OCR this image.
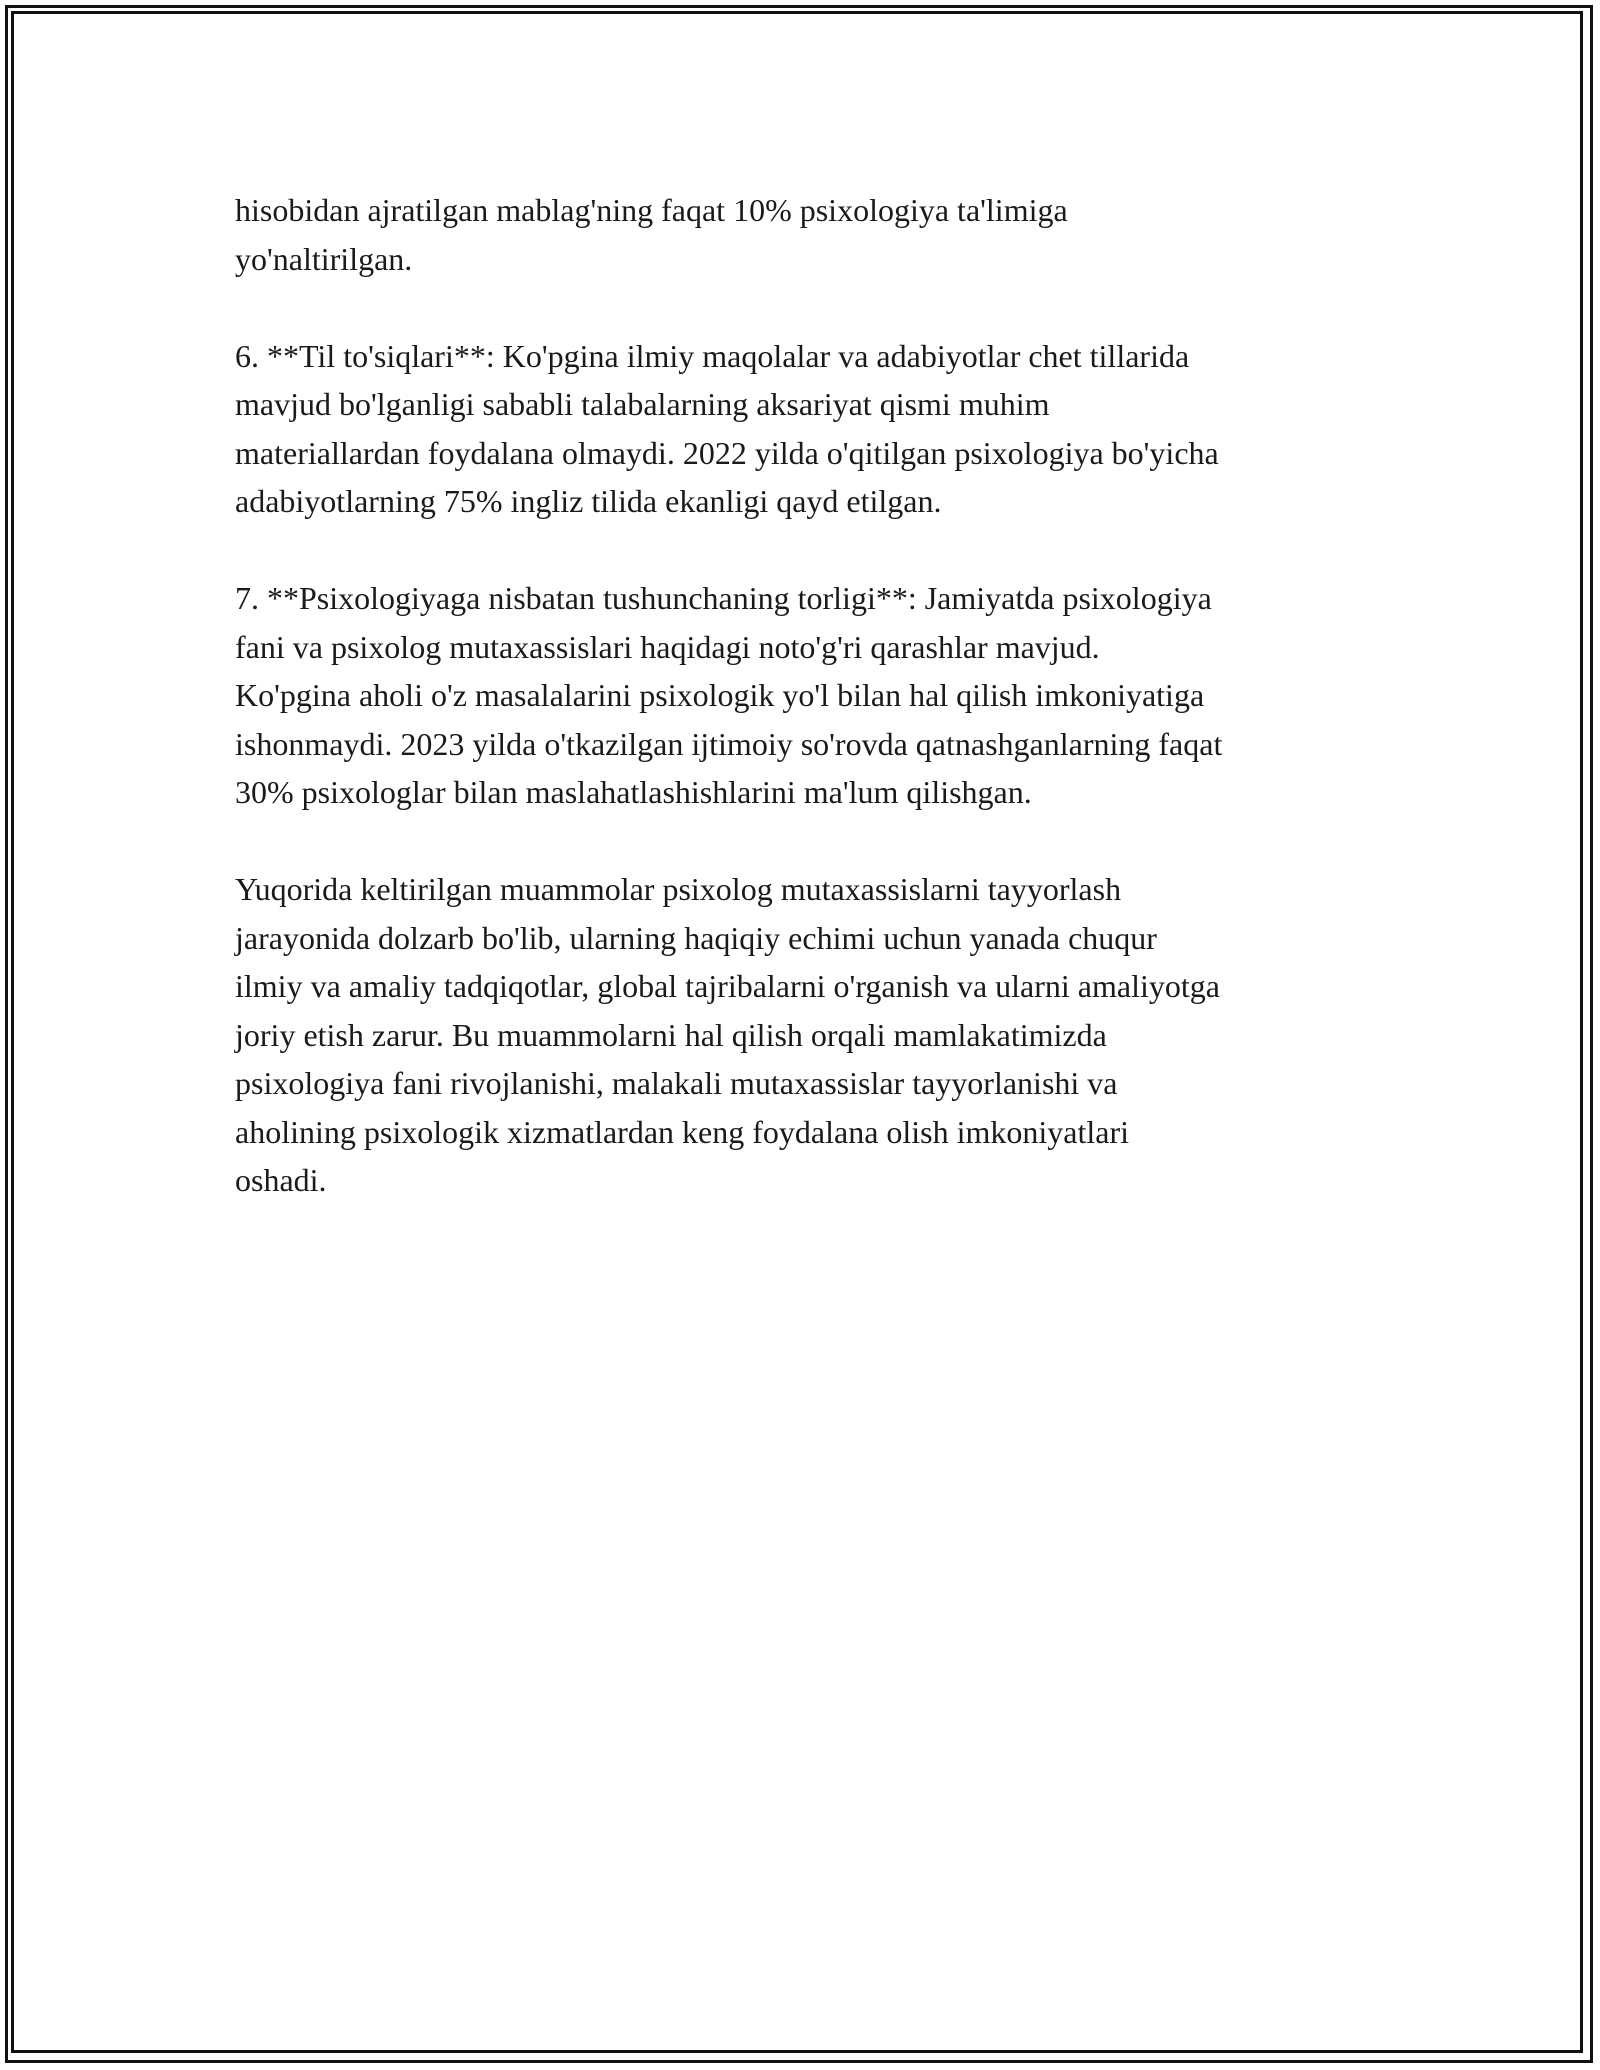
hisobidan ajratilgan mablag'ning faqat 10% psixologiya ta'limiga
yo'naltirilgan.

6. **Til to'siqlari**: Ko'pgina ilmiy maqolalar va adabiyotlar chet tillarida
mavjud bo'lganligi sababli talabalarning aksariyat qismi muhim
materiallardan foydalana olmaydi. 2022 yilda o'qitilgan psixologiya bo'yicha
adabiyotlarning 75% ingliz tilida ekanligi qayd etilgan.

7. **Psixologiyaga nisbatan tushunchaning torligi**: Jamiyatda psixologiya
fani va psixolog mutaxassislari haqidagi noto'g'ri qarashlar mavjud.
Ko'pgina aholi o'z masalalarini psixologik yo'l bilan hal qilish imkoniyatiga
ishonmaydi. 2023 yilda o'tkazilgan ijtimoiy so'rovda qatnashganlarning faqat
30% psixologlar bilan maslahatlashishlarini ma'lum qilishgan.

Yuqorida keltirilgan muammolar psixolog mutaxassislarni tayyorlash
jarayonida dolzarb bo'lib, ularning haqiqiy echimi uchun yanada chuqur
ilmiy va amaliy tadqiqotlar, global tajribalarni o'rganish va ularni amaliyotga
joriy etish zarur. Bu muammolarni hal qilish orqali mamlakatimizda
psixologiya fani rivojlanishi, malakali mutaxassislar tayyorlanishi va
aholining psixologik xizmatlardan keng foydalana olish imkoniyatlari
oshadi.
